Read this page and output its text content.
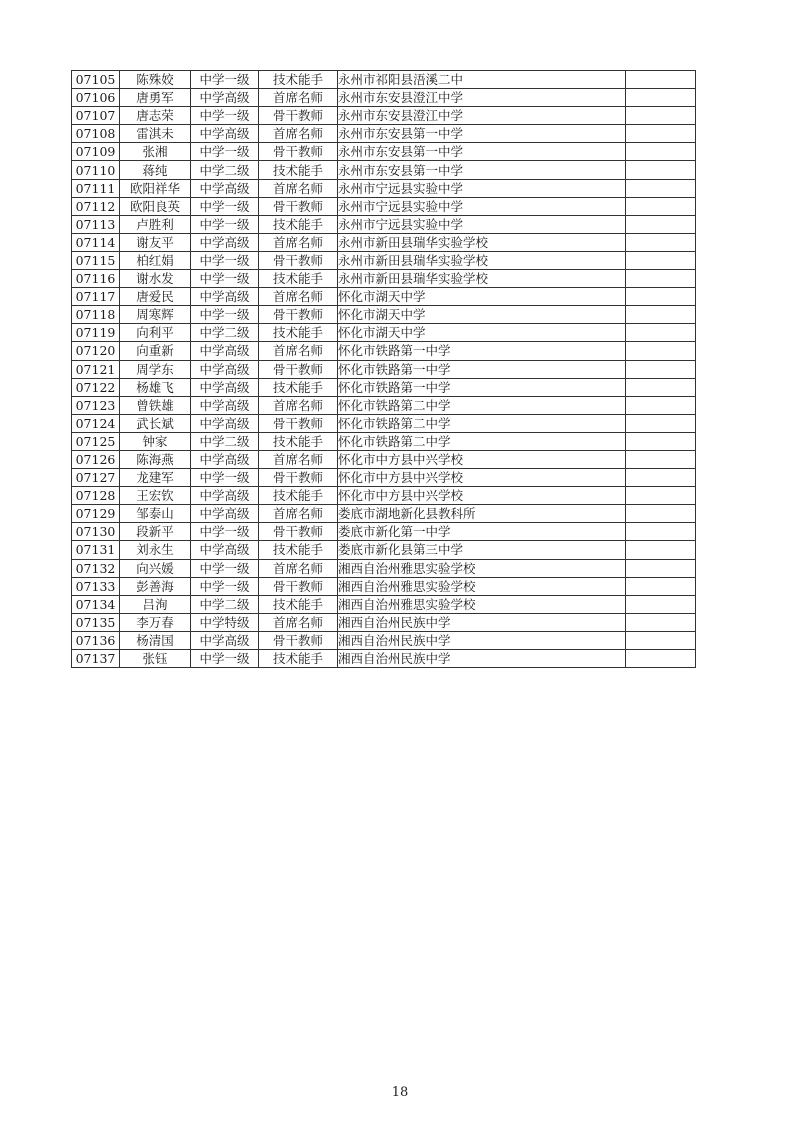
07105	陈殊姣	中学一级	技术能手	永州市祁阳县浯溪二中	
07106	唐勇军	中学高级	首席名师	永州市东安县澄江中学	
07107	唐志荣	中学一级	骨干教师	永州市东安县澄江中学	
07108	雷淇未	中学高级	首席名师	永州市东安县第一中学	
07109	张湘	中学一级	骨干教师	永州市东安县第一中学	
07110	蒋纯	中学二级	技术能手	永州市东安县第一中学	
07111	欧阳祥华	中学高级	首席名师	永州市宁远县实验中学	
07112	欧阳良英	中学一级	骨干教师	永州市宁远县实验中学	
07113	卢胜利	中学一级	技术能手	永州市宁远县实验中学	
07114	谢友平	中学高级	首席名师	永州市新田县瑞华实验学校	
07115	柏红娟	中学一级	骨干教师	永州市新田县瑞华实验学校	
07116	谢水发	中学一级	技术能手	永州市新田县瑞华实验学校	
07117	唐爱民	中学高级	首席名师	怀化市湖天中学	
07118	周寒辉	中学一级	骨干教师	怀化市湖天中学	
07119	向利平	中学二级	技术能手	怀化市湖天中学	
07120	向重新	中学高级	首席名师	怀化市铁路第一中学	
07121	周学东	中学高级	骨干教师	怀化市铁路第一中学	
07122	杨雄飞	中学高级	技术能手	怀化市铁路第一中学	
07123	曾铁雄	中学高级	首席名师	怀化市铁路第二中学	
07124	武长斌	中学高级	骨干教师	怀化市铁路第二中学	
07125	钟家	中学二级	技术能手	怀化市铁路第二中学	
07126	陈海燕	中学高级	首席名师	怀化市中方县中兴学校	
07127	龙建军	中学一级	骨干教师	怀化市中方县中兴学校	
07128	王宏钦	中学高级	技术能手	怀化市中方县中兴学校	
07129	邹泰山	中学高级	首席名师	娄底市湖地新化县教科所	
07130	段新平	中学一级	骨干教师	娄底市新化第一中学	
07131	刘永生	中学高级	技术能手	娄底市新化县第三中学	
07132	向兴媛	中学一级	首席名师	湘西自治州雅思实验学校	
07133	彭善海	中学一级	骨干教师	湘西自治州雅思实验学校	
07134	吕洵	中学二级	技术能手	湘西自治州雅思实验学校	
07135	李万春	中学特级	首席名师	湘西自治州民族中学	
07136	杨清国	中学高级	骨干教师	湘西自治州民族中学	
07137	张钰	中学一级	技术能手	湘西自治州民族中学	
18
